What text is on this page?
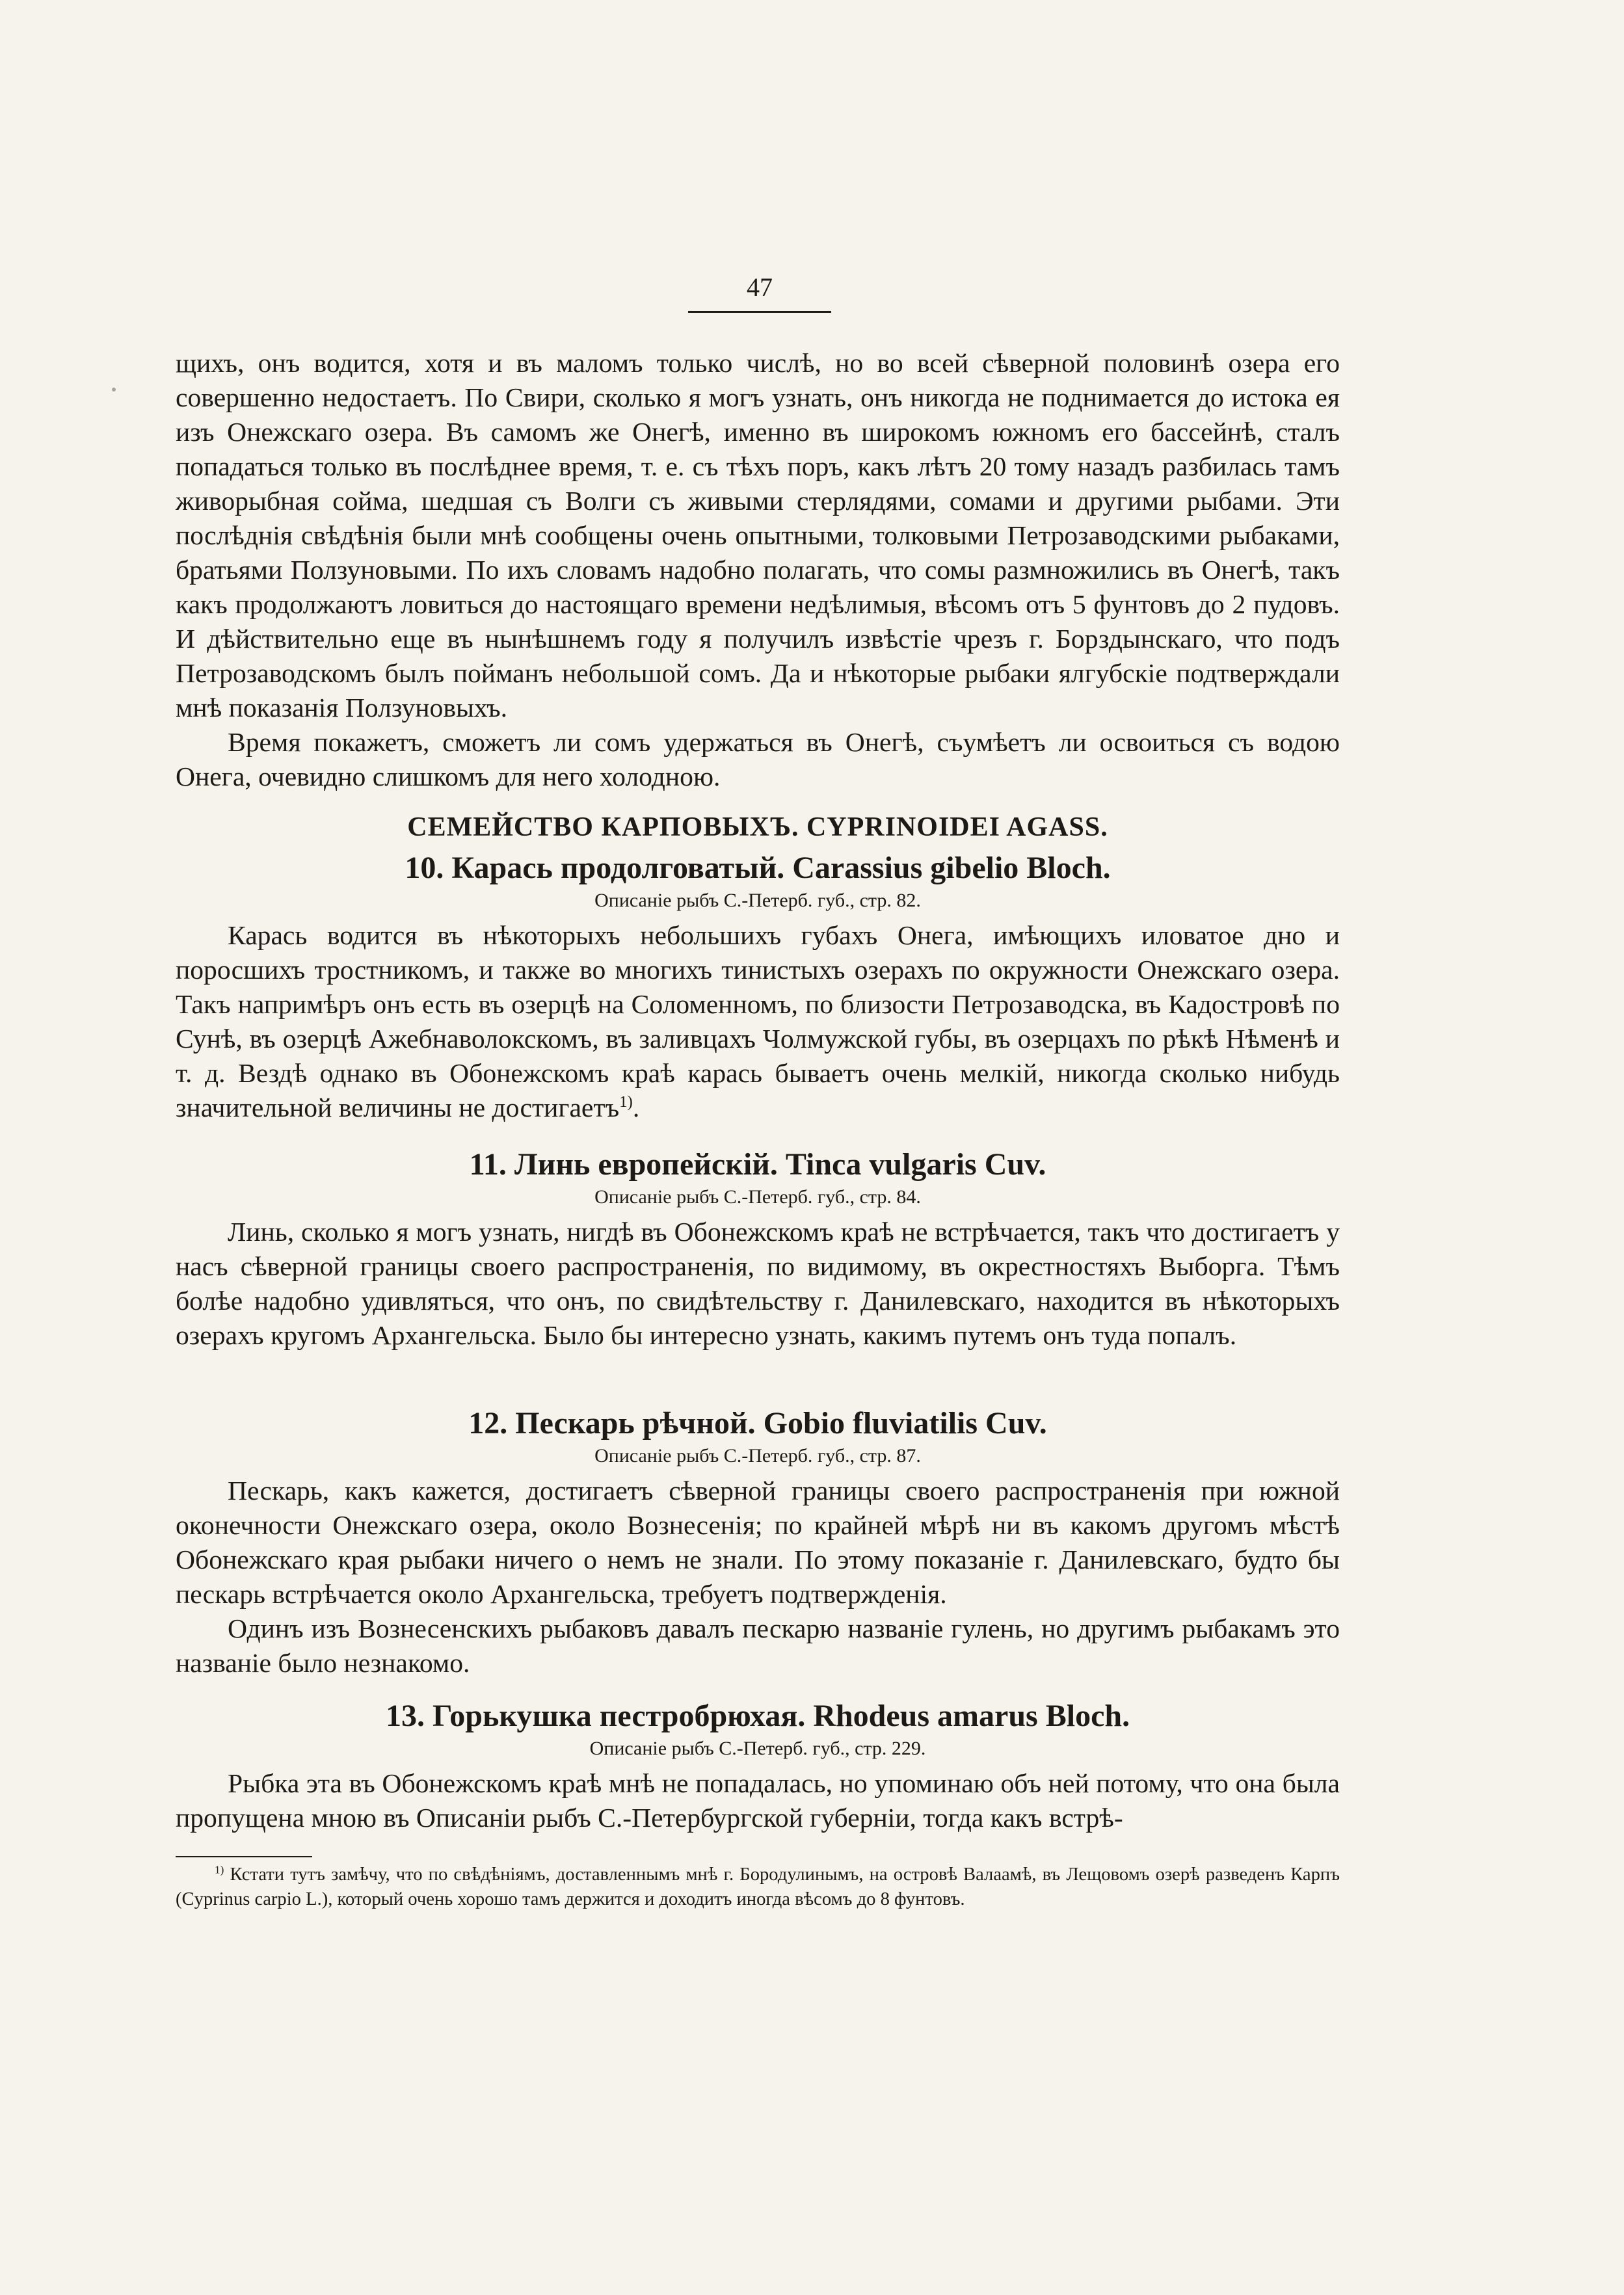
47

щихъ, онъ водится, хотя и въ маломъ только числѣ, но во всей сѣверной половинѣ озера его совершенно недостаетъ. По Свири, сколько я могъ узнать, онъ никогда не поднимается до истока ея изъ Онежскаго озера. Въ самомъ же Онегѣ, именно въ широкомъ южномъ его бассейнѣ, сталъ попадаться только въ послѣднее время, т. е. съ тѣхъ поръ, какъ лѣтъ 20 тому назадъ разбилась тамъ живорыбная сойма, шедшая съ Волги съ живыми стерлядями, сомами и другими рыбами. Эти послѣднія свѣдѣнія были мнѣ сообщены очень опытными, толковыми Петрозаводскими рыбаками, братьями Ползуновыми. По ихъ словамъ надобно полагать, что сомы размножились въ Онегѣ, такъ какъ продолжаютъ ловиться до настоящаго времени недѣлимыя, вѣсомъ отъ 5 фунтовъ до 2 пудовъ. И дѣйствительно еще въ нынѣшнемъ году я получилъ извѣстіе чрезъ г. Борздынскаго, что подъ Петрозаводскомъ былъ пойманъ небольшой сомъ. Да и нѣкоторые рыбаки ялгубскіе подтверждали мнѣ показанія Ползуновыхъ.

Время покажетъ, сможетъ ли сомъ удержаться въ Онегѣ, съумѣетъ ли освоиться съ водою Онега, очевидно слишкомъ для него холодною.

СЕМЕЙСТВО КАРПОВЫХЪ. CYPRINOIDEI AGASS.
10. Карась продолговатый. Carassius gibelio Bloch.
Описаніе рыбъ С.-Петерб. губ., стр. 82.

Карась водится въ нѣкоторыхъ небольшихъ губахъ Онега, имѣющихъ иловатое дно и поросшихъ тростникомъ, и также во многихъ тинистыхъ озерахъ по окружности Онежскаго озера. Такъ напримѣръ онъ есть въ озерцѣ на Соломенномъ, по близости Петрозаводска, въ Кадостровѣ по Сунѣ, въ озерцѣ Ажебнаволокскомъ, въ заливцахъ Чолмужской губы, въ озерцахъ по рѣкѣ Нѣменѣ и т. д. Вездѣ однако въ Обонежскомъ краѣ карась бываетъ очень мелкій, никогда сколько нибудь значительной величины не достигаетъ$^{1)}$.

11. Линь европейскій. Tinca vulgaris Cuv.
Описаніе рыбъ С.-Петерб. губ., стр. 84.

Линь, сколько я могъ узнать, нигдѣ въ Обонежскомъ краѣ не встрѣчается, такъ что достигаетъ у насъ сѣверной границы своего распространенія, по видимому, въ окрестностяхъ Выборга. Тѣмъ болѣе надобно удивляться, что онъ, по свидѣтельству г. Данилевскаго, находится въ нѣкоторыхъ озерахъ кругомъ Архангельска. Было бы интересно узнать, какимъ путемъ онъ туда попалъ.

12. Пескарь рѣчной. Gobio fluviatilis Cuv.
Описаніе рыбъ С.-Петерб. губ., стр. 87.

Пескарь, какъ кажется, достигаетъ сѣверной границы своего распространенія при южной оконечности Онежскаго озера, около Вознесенія; по крайней мѣрѣ ни въ какомъ другомъ мѣстѣ Обонежскаго края рыбаки ничего о немъ не знали. По этому показаніе г. Данилевскаго, будто бы пескарь встрѣчается около Архангельска, требуетъ подтвержденія.

Одинъ изъ Вознесенскихъ рыбаковъ давалъ пескарю названіе гулень, но другимъ рыбакамъ это названіе было незнакомо.

13. Горькушка пестробрюхая. Rhodeus amarus Bloch.
Описаніе рыбъ С.-Петерб. губ., стр. 229.

Рыбка эта въ Обонежскомъ краѣ мнѣ не попадалась, но упоминаю объ ней потому, что она была пропущена мною въ Описаніи рыбъ С.-Петербургской губерніи, тогда какъ встрѣ-

$^{1)}$ Кстати тутъ замѣчу, что по свѣдѣніямъ, доставленнымъ мнѣ г. Бородулинымъ, на островѣ Валаамѣ, въ Лещовомъ озерѣ разведенъ Карпъ (Cyprinus carpio L.), который очень хорошо тамъ держится и доходитъ иногда вѣсомъ до 8 фунтовъ.
